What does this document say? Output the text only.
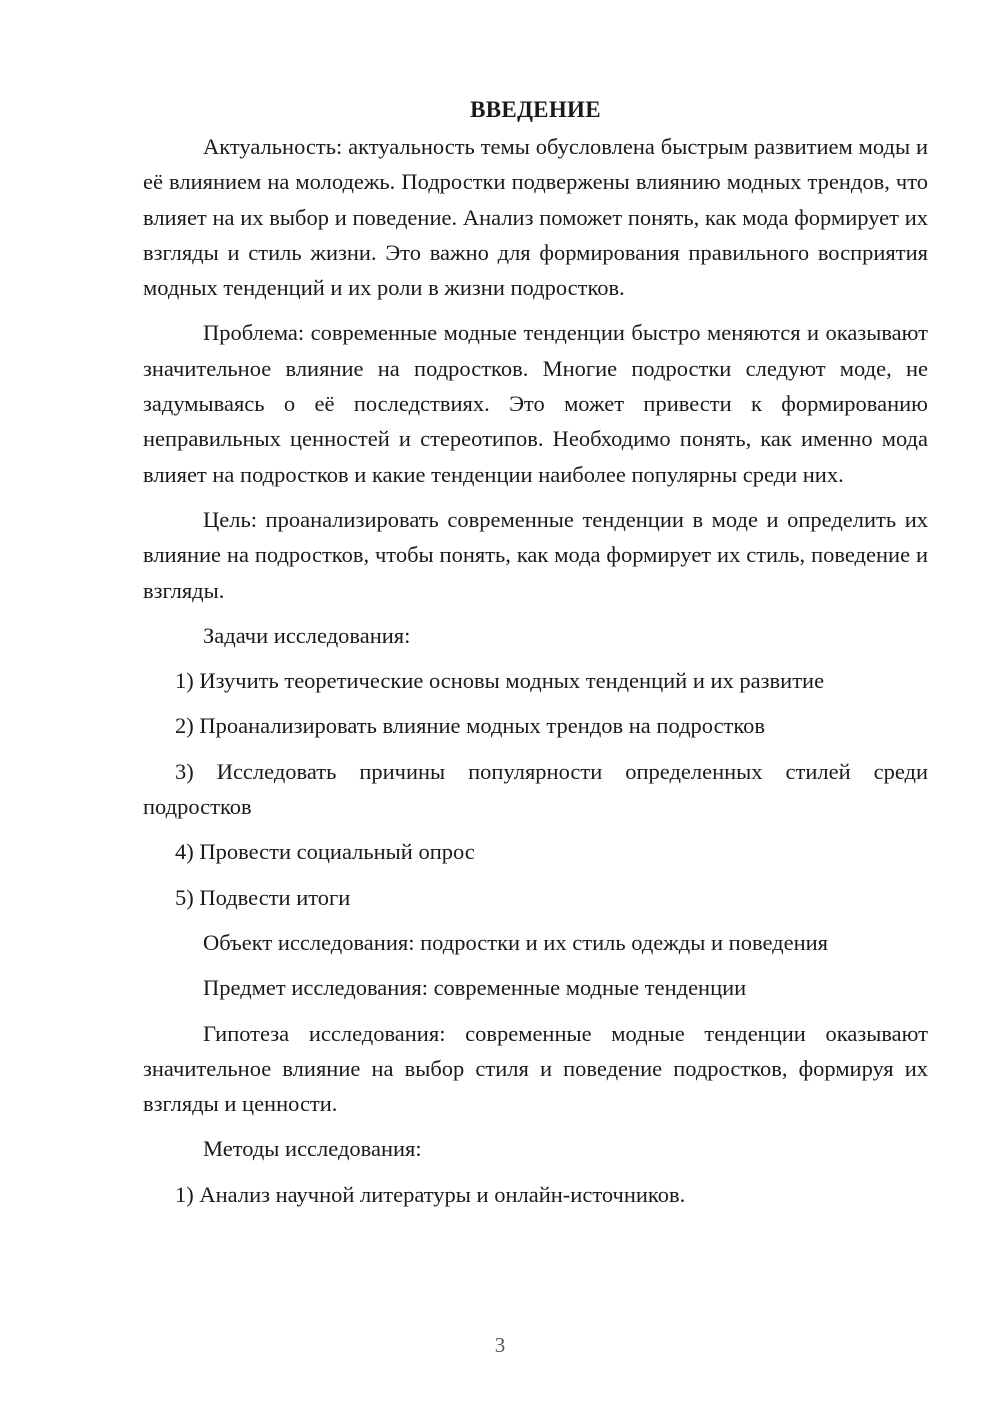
ВВЕДЕНИЕ

Актуальность: актуальность темы обусловлена быстрым развитием моды и её влиянием на молодежь. Подростки подвержены влиянию модных трендов, что влияет на их выбор и поведение. Анализ поможет понять, как мода формирует их взгляды и стиль жизни. Это важно для формирования правильного восприятия модных тенденций и их роли в жизни подростков.

Проблема: современные модные тенденции быстро меняются и оказывают значительное влияние на подростков. Многие подростки следуют моде, не задумываясь о её последствиях. Это может привести к формированию неправильных ценностей и стереотипов. Необходимо понять, как именно мода влияет на подростков и какие тенденции наиболее популярны среди них.

Цель: проанализировать современные тенденции в моде и определить их влияние на подростков, чтобы понять, как мода формирует их стиль, поведение и взгляды.

Задачи исследования:

1) Изучить теоретические основы модных тенденций и их развитие

2) Проанализировать влияние модных трендов на подростков

3) Исследовать причины популярности определенных стилей среди подростков

4) Провести социальный опрос

5) Подвести итоги

Объект исследования: подростки и их стиль одежды и поведения

Предмет исследования: современные модные тенденции

Гипотеза исследования: современные модные тенденции оказывают значительное влияние на выбор стиля и поведение подростков, формируя их взгляды и ценности.

Методы исследования:

1) Анализ научной литературы и онлайн-источников.

3
